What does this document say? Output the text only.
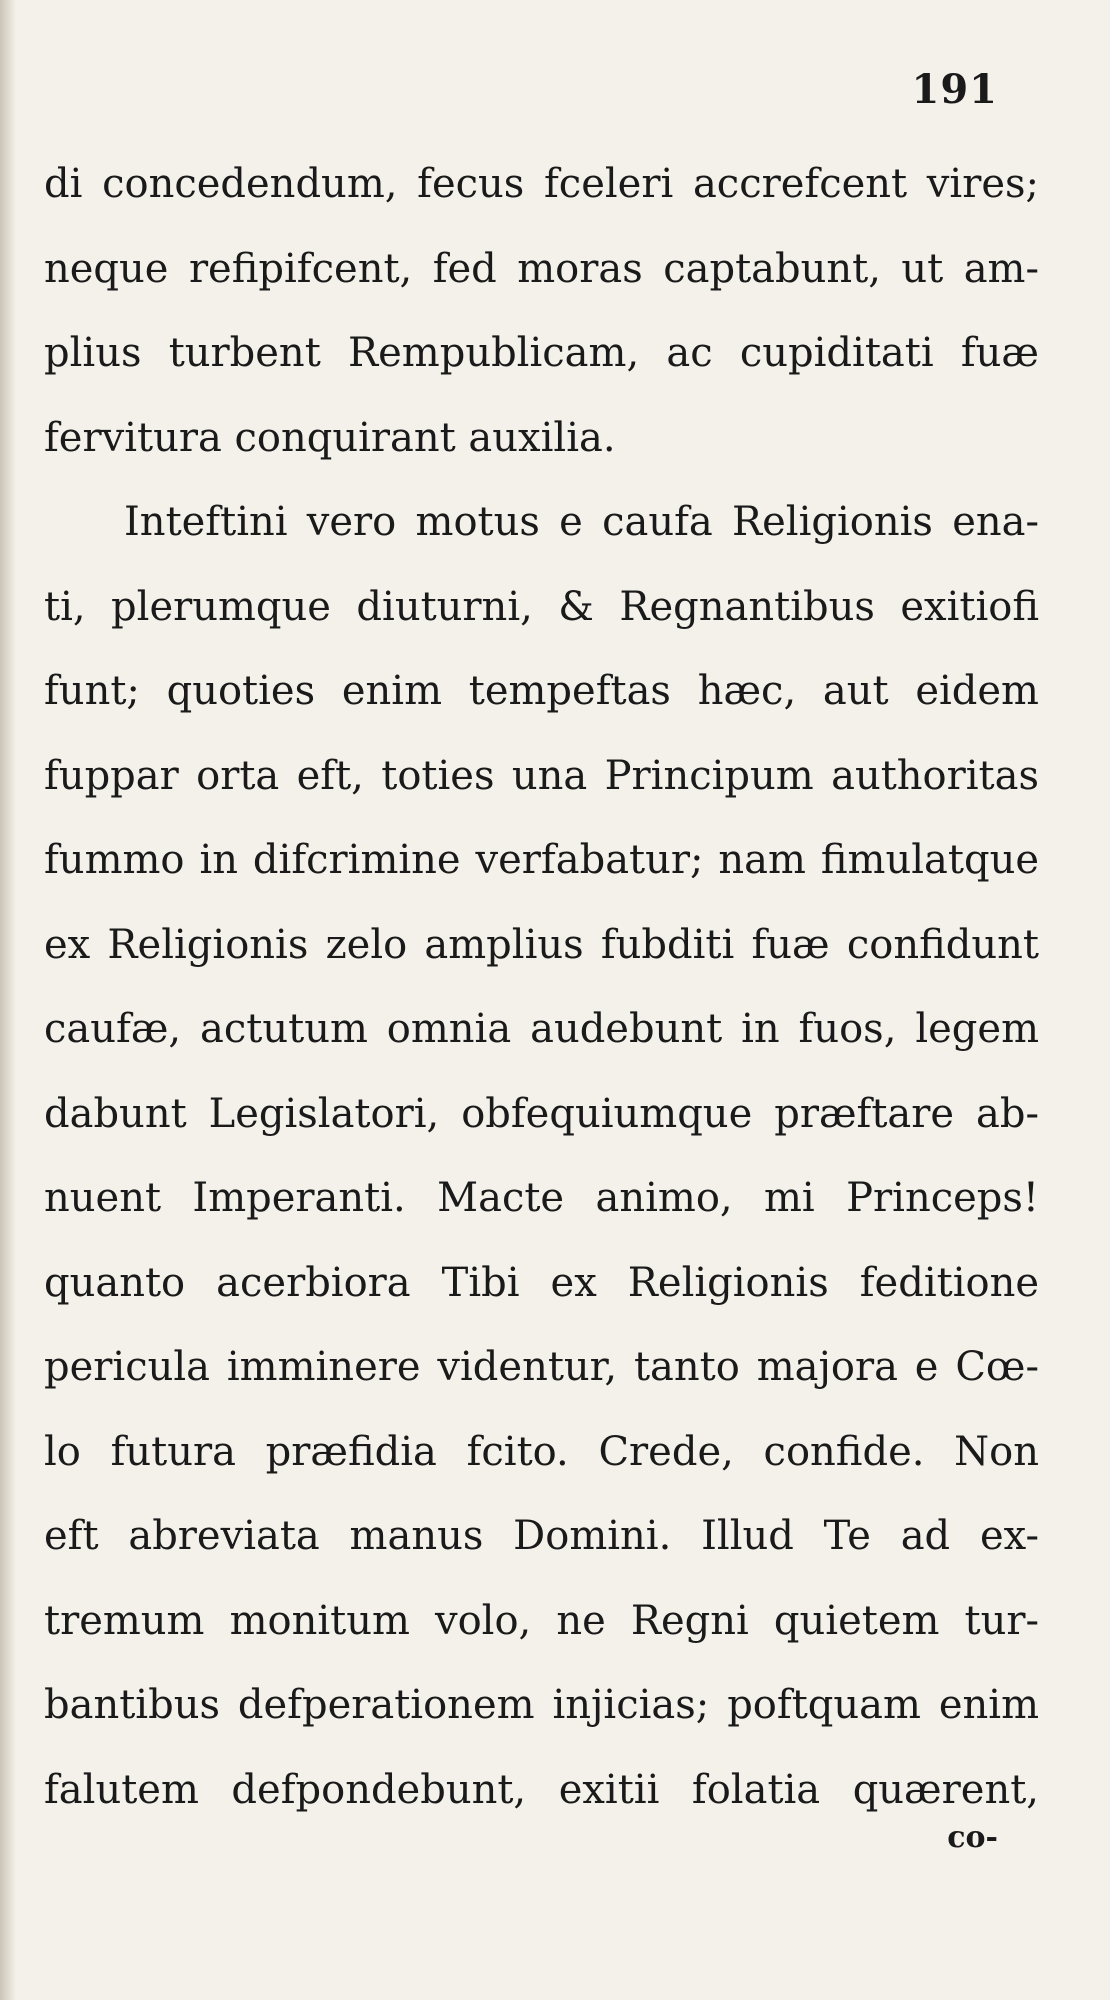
191
di concedendum, fecus fceleri accrefcent vires;
neque refipifcent, fed moras captabunt, ut am-
plius turbent Rempublicam, ac cupiditati fuæ
fervitura conquirant auxilia.
Inteftini vero motus e caufa Religionis ena-
ti, plerumque diuturni, & Regnantibus exitiofi
funt; quoties enim tempeftas hæc, aut eidem
fuppar orta eft, toties una Principum authoritas
fummo in difcrimine verfabatur; nam fimulatque
ex Religionis zelo amplius fubditi fuæ confidunt
caufæ, actutum omnia audebunt in fuos, legem
dabunt Legislatori, obfequiumque præftare ab-
nuent Imperanti. Macte animo, mi Princeps!
quanto acerbiora Tibi ex Religionis feditione
pericula imminere videntur, tanto majora e Cœ-
lo futura præfidia fcito. Crede, confide. Non
eft abreviata manus Domini. Illud Te ad ex-
tremum monitum volo, ne Regni quietem tur-
bantibus defperationem injicias; poftquam enim
falutem defpondebunt, exitii folatia quærent,
co-
